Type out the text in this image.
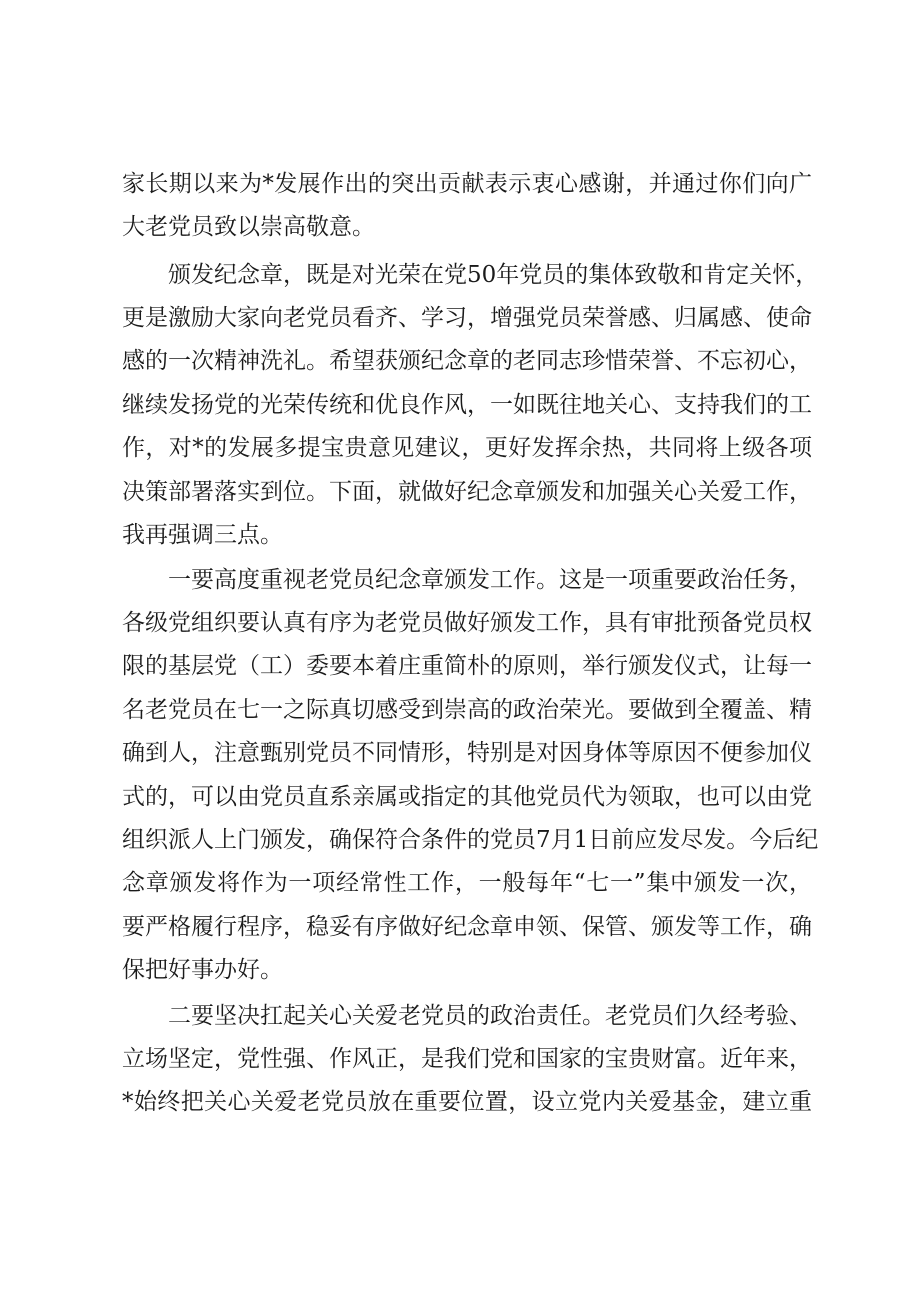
家长期以来为*发展作出的突出贡献表示衷心感谢，并通过你们向广
大老党员致以崇高敬意。
颁发纪念章，既是对光荣在党50年党员的集体致敬和肯定关怀，
更是激励大家向老党员看齐、学习，增强党员荣誉感、归属感、使命
感的一次精神洗礼。希望获颁纪念章的老同志珍惜荣誉、不忘初心，
继续发扬党的光荣传统和优良作风，一如既往地关心、支持我们的工
作，对*的发展多提宝贵意见建议，更好发挥余热，共同将上级各项
决策部署落实到位。下面，就做好纪念章颁发和加强关心关爱工作，
我再强调三点。
一要高度重视老党员纪念章颁发工作。这是一项重要政治任务，
各级党组织要认真有序为老党员做好颁发工作，具有审批预备党员权
限的基层党（工）委要本着庄重简朴的原则，举行颁发仪式，让每一
名老党员在七一之际真切感受到崇高的政治荣光。要做到全覆盖、精
确到人，注意甄别党员不同情形，特别是对因身体等原因不便参加仪
式的，可以由党员直系亲属或指定的其他党员代为领取，也可以由党
组织派人上门颁发，确保符合条件的党员7月1日前应发尽发。今后纪
念章颁发将作为一项经常性工作，一般每年“七一”集中颁发一次，
要严格履行程序，稳妥有序做好纪念章申领、保管、颁发等工作，确
保把好事办好。
二要坚决扛起关心关爱老党员的政治责任。老党员们久经考验、
立场坚定，党性强、作风正，是我们党和国家的宝贵财富。近年来，
*始终把关心关爱老党员放在重要位置，设立党内关爱基金，建立重
